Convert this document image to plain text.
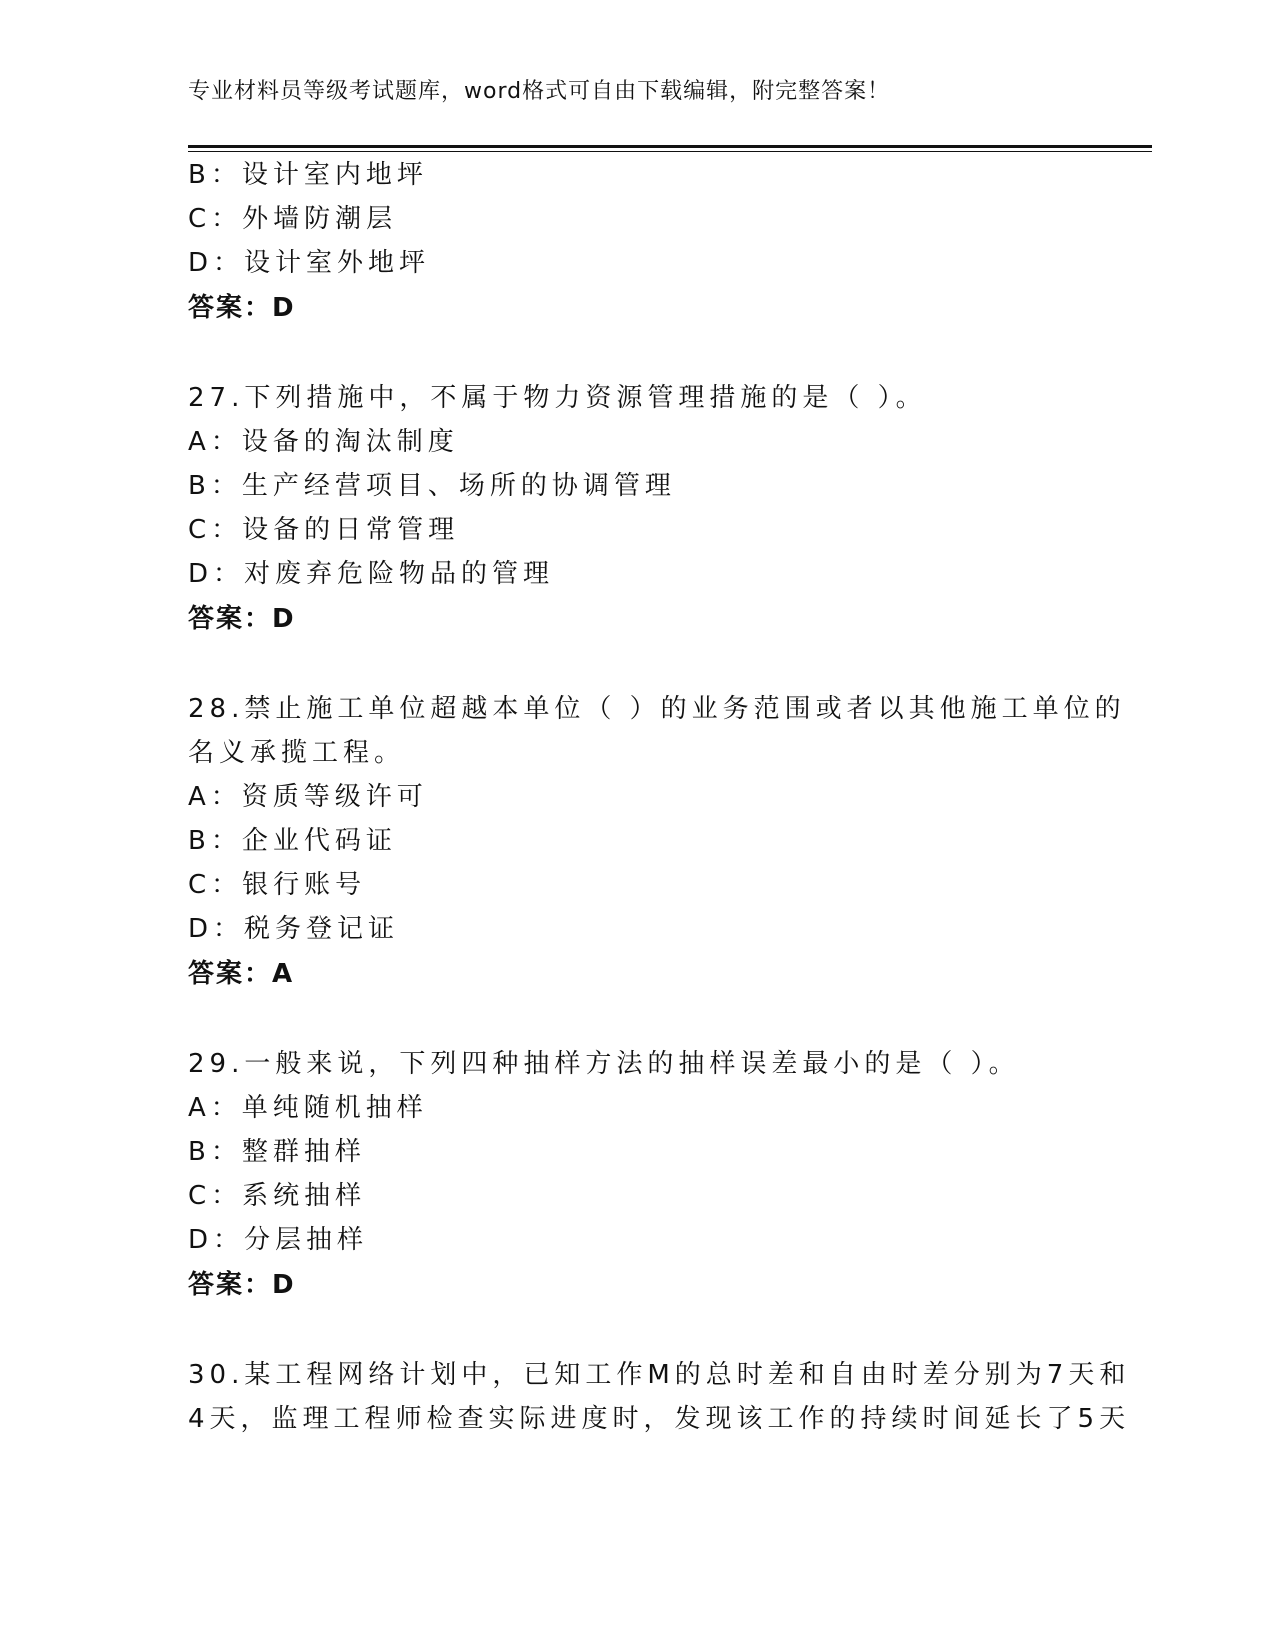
专业材料员等级考试题库，word格式可自由下载编辑，附完整答案！
B：设计室内地坪
C：外墙防潮层
D：设计室外地坪
答案：D
27.下列措施中，不属于物力资源管理措施的是（ ）。
A：设备的淘汰制度
B：生产经营项目、场所的协调管理
C：设备的日常管理
D：对废弃危险物品的管理
答案：D
28.禁止施工单位超越本单位（ ）的业务范围或者以其他施工单位的
名义承揽工程。
A：资质等级许可
B：企业代码证
C：银行账号
D：税务登记证
答案：A
29.一般来说，下列四种抽样方法的抽样误差最小的是（ ）。
A：单纯随机抽样
B：整群抽样
C：系统抽样
D：分层抽样
答案：D
30.某工程网络计划中，已知工作M的总时差和自由时差分别为7天和
4天，监理工程师检查实际进度时，发现该工作的持续时间延长了5天
